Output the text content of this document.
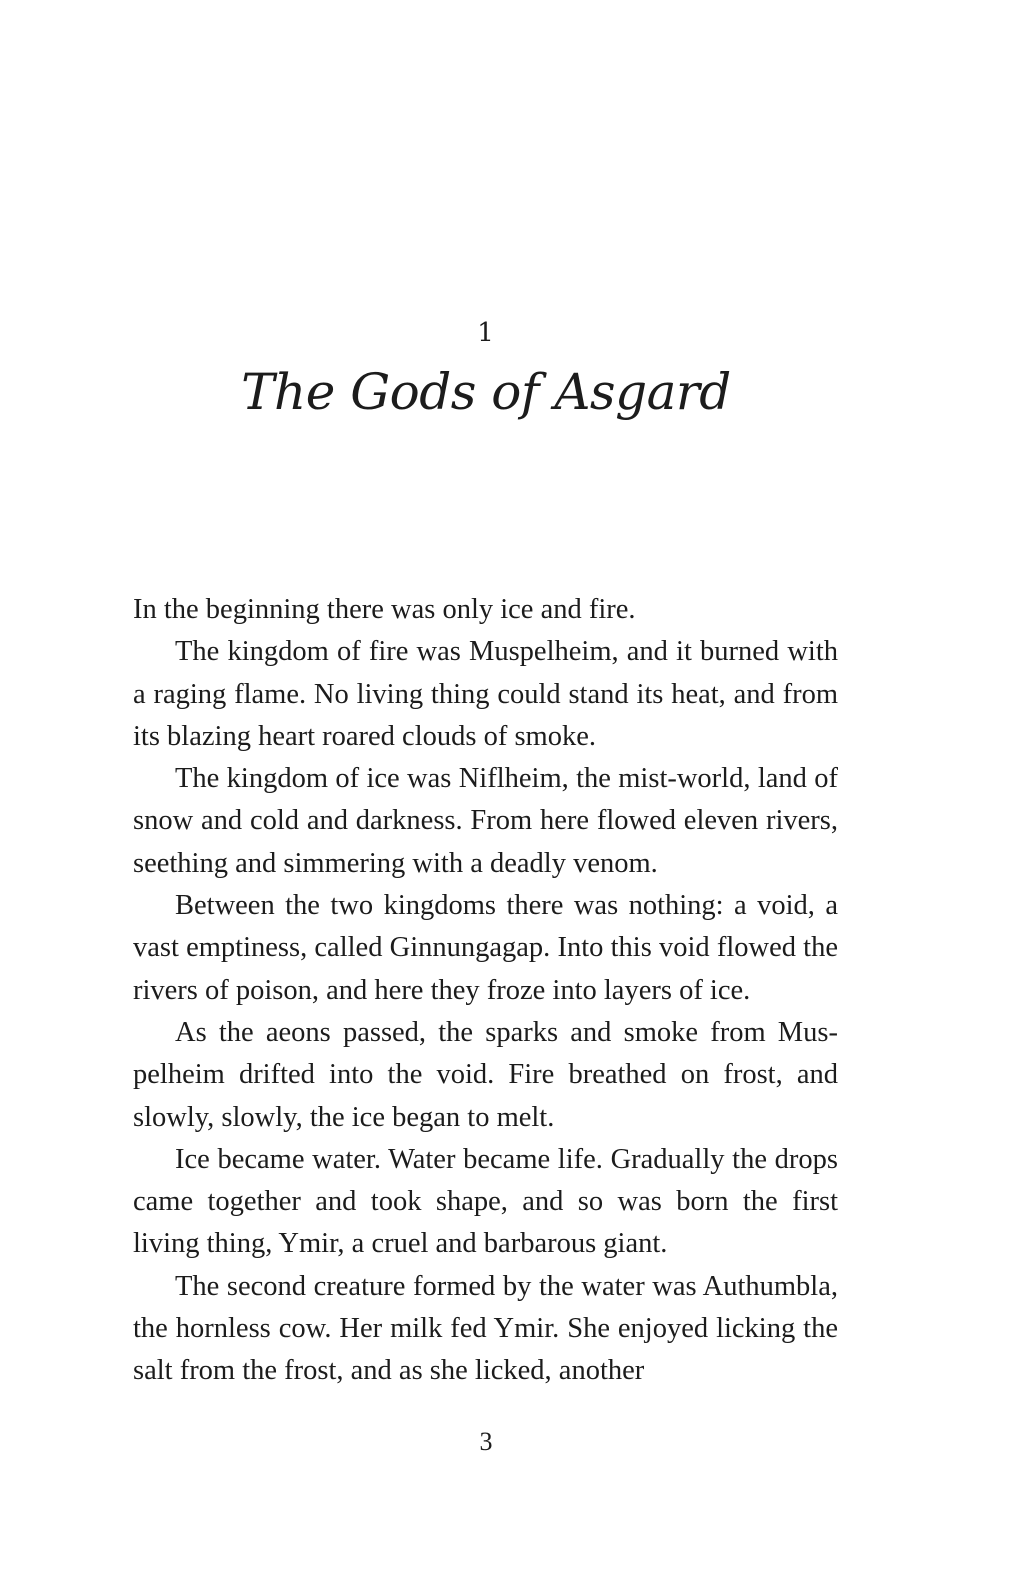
1
The Gods of Asgard

In the beginning there was only ice and fire.

The kingdom of fire was Muspelheim, and it burned with a raging flame. No living thing could stand its heat, and from its blazing heart roared clouds of smoke.

The kingdom of ice was Niflheim, the mist-world, land of snow and cold and darkness. From here flowed eleven rivers, seething and simmering with a deadly venom.

Between the two kingdoms there was nothing: a void, a vast emptiness, called Ginnungagap. Into this void flowed the rivers of poison, and here they froze into layers of ice.

As the aeons passed, the sparks and smoke from Muspelheim drifted into the void. Fire breathed on frost, and slowly, slowly, the ice began to melt.

Ice became water. Water became life. Gradually the drops came together and took shape, and so was born the first living thing, Ymir, a cruel and barbarous giant.

The second creature formed by the water was Authumbla, the hornless cow. Her milk fed Ymir. She enjoyed licking the salt from the frost, and as she licked, another

3
